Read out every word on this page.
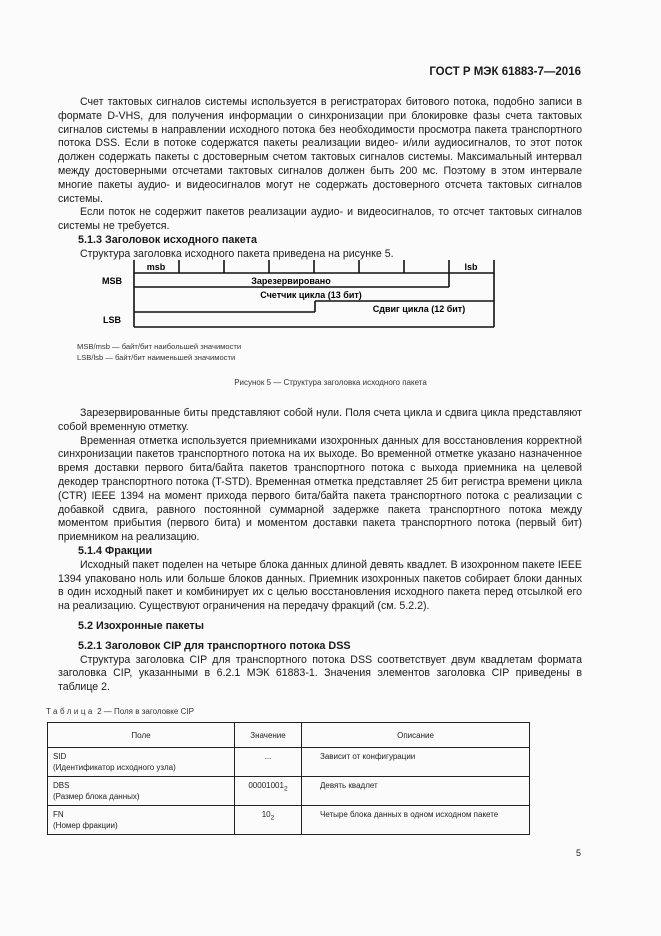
ГОСТ Р МЭК 61883-7—2016

Счет тактовых сигналов системы используется в регистраторах битового потока, подобно записи в формате D-VHS, для получения информации о синхронизации при блокировке фазы счета тактовых сигналов системы в направлении исходного потока без необходимости просмотра пакета транспортного потока DSS. Если в потоке содержатся пакеты реализации видео- и/или аудиосигналов, то этот поток должен содержать пакеты с достоверным счетом тактовых сигналов системы. Максимальный интервал между достоверными отсчетами тактовых сигналов должен быть 200 мс. Поэтому в этом интервале многие пакеты аудио- и видеосигналов могут не содержать достоверного отсчета тактовых сигналов системы.

Если поток не содержит пакетов реализации аудио- и видеосигналов, то отсчет тактовых сигналов системы не требуется.

5.1.3 Заголовок исходного пакета

Структура заголовка исходного пакета приведена на рисунке 5.

msb	lsb
MSB
LSB
Зарезервировано
Счетчик цикла (13 бит)
Сдвиг цикла (12 бит)
MSB/msb — байт/бит наибольшей значимости
LSB/lsb — байт/бит наименьшей значимости
Рисунок 5 — Структура заголовка исходного пакета

Зарезервированные биты представляют собой нули. Поля счета цикла и сдвига цикла представляют собой временную отметку.

Временная отметка используется приемниками изохронных данных для восстановления корректной синхронизации пакетов транспортного потока на их выходе. Во временной отметке указано назначенное время доставки первого бита/байта пакетов транспортного потока с выхода приемника на целевой декодер транспортного потока (T-STD). Временная отметка представляет 25 бит регистра времени цикла (CTR) IEEE 1394 на момент прихода первого бита/байта пакета транспортного потока с реализации с добавкой сдвига, равного постоянной суммарной задержке пакета транспортного потока между моментом прибытия (первого бита) и моментом доставки пакета транспортного потока (первый бит) приемником на реализацию.

5.1.4 Фракции

Исходный пакет поделен на четыре блока данных длиной девять квадлет. В изохронном пакете IEEE 1394 упаковано ноль или больше блоков данных. Приемник изохронных пакетов собирает блоки данных в один исходный пакет и комбинирует их с целью восстановления исходного пакета перед отсылкой его на реализацию. Существуют ограничения на передачу фракций (см. 5.2.2).

5.2 Изохронные пакеты
5.2.1 Заголовок CIP для транспортного потока DSS

Структура заголовка CIP для транспортного потока DSS соответствует двум квадлетам формата заголовка CIP, указанными в 6.2.1 МЭК 61883-1. Значения элементов заголовка CIP приведены в таблице 2.

Таблица 2 — Поля в заголовке CIP
Поле	Значение	Описание
SID
(Идентификатор исходного узла)	...	Зависит от конфигурации
DBS
(Размер блока данных)	$00001001_2$	Девять квадлет
FN
(Номер фракции)	$10_2$	Четыре блока данных в одном исходном пакете
5
